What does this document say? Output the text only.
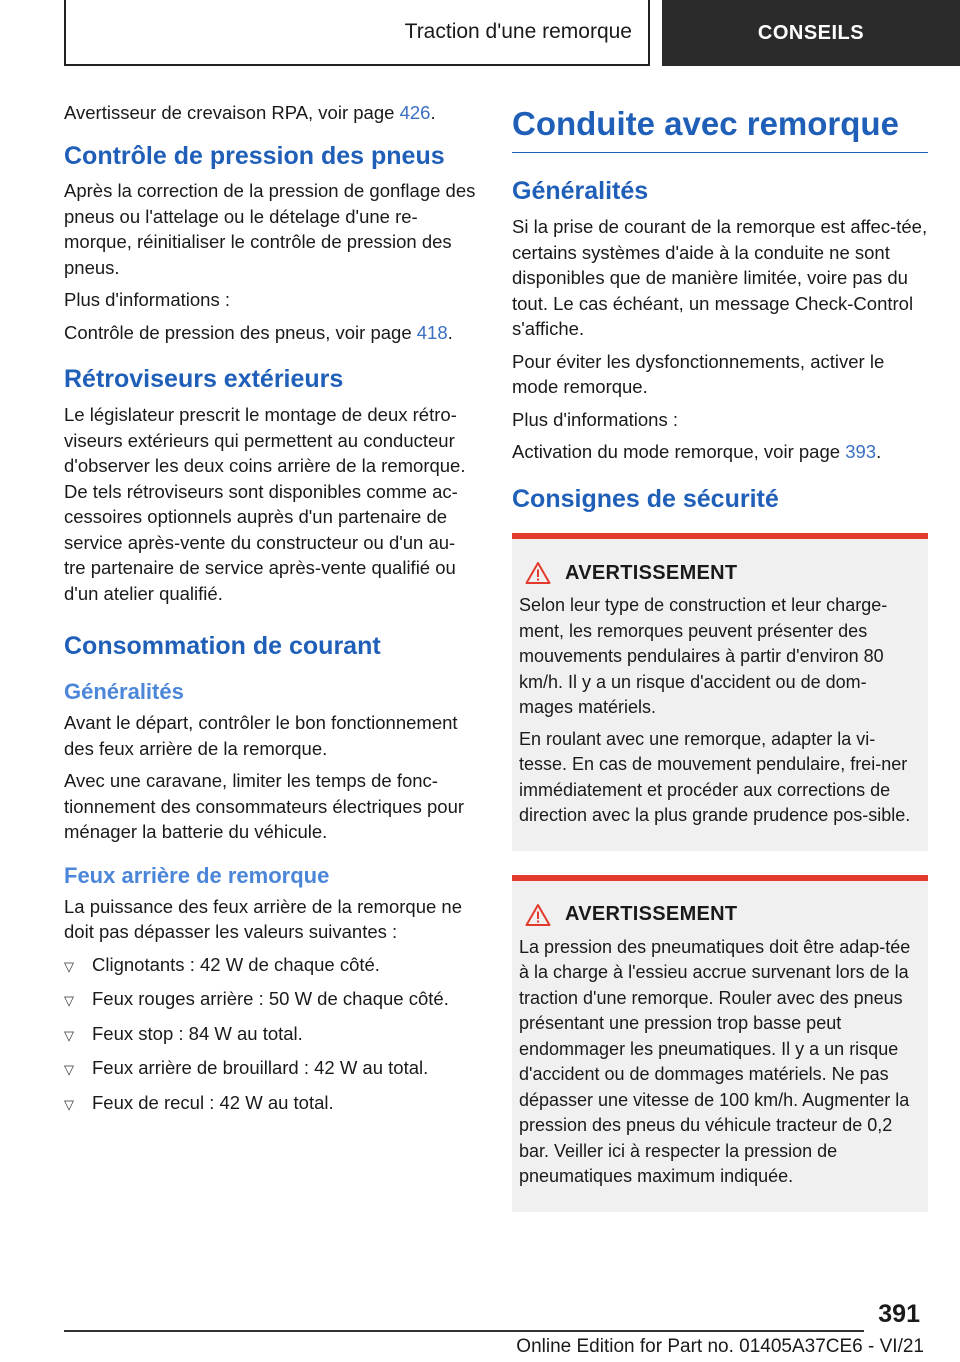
Traction d'une remorque	CONSEILS

Avertisseur de crevaison RPA, voir page 426.

Contrôle de pression des pneus

Après la correction de la pression de gonflage des pneus ou l'attelage ou le dételage d'une re-morque, réinitialiser le contrôle de pression des pneus.

Plus d'informations :

Contrôle de pression des pneus, voir page 418.

Rétroviseurs extérieurs

Le législateur prescrit le montage de deux rétro-viseurs extérieurs qui permettent au conducteur d'observer les deux coins arrière de la remorque. De tels rétroviseurs sont disponibles comme ac-cessoires optionnels auprès d'un partenaire de service après-vente du constructeur ou d'un au-tre partenaire de service après-vente qualifié ou d'un atelier qualifié.

Consommation de courant
Généralités

Avant le départ, contrôler le bon fonctionnement des feux arrière de la remorque.

Avec une caravane, limiter les temps de fonc-tionnement des consommateurs électriques pour ménager la batterie du véhicule.

Feux arrière de remorque

La puissance des feux arrière de la remorque ne doit pas dépasser les valeurs suivantes :

▽ Clignotants : 42 W de chaque côté.
▽ Feux rouges arrière : 50 W de chaque côté.
▽ Feux stop : 84 W au total.
▽ Feux arrière de brouillard : 42 W au total.
▽ Feux de recul : 42 W au total.
Conduite avec remorque
Généralités

Si la prise de courant de la remorque est affec-tée, certains systèmes d'aide à la conduite ne sont disponibles que de manière limitée, voire pas du tout. Le cas échéant, un message Check-Control s'affiche.

Pour éviter les dysfonctionnements, activer le mode remorque.

Plus d'informations :

Activation du mode remorque, voir page 393.

Consignes de sécurité
AVERTISSEMENT

Selon leur type de construction et leur charge-ment, les remorques peuvent présenter des mouvements pendulaires à partir d'environ 80 km/h. Il y a un risque d'accident ou de dom-mages matériels.

En roulant avec une remorque, adapter la vi-tesse. En cas de mouvement pendulaire, frei-ner immédiatement et procéder aux corrections de direction avec la plus grande prudence pos-sible.

AVERTISSEMENT

La pression des pneumatiques doit être adap-tée à la charge à l'essieu accrue survenant lors de la traction d'une remorque. Rouler avec des pneus présentant une pression trop basse peut endommager les pneumatiques. Il y a un risque d'accident ou de dommages matériels. Ne pas dépasser une vitesse de 100 km/h. Augmenter la pression des pneus du véhicule tracteur de 0,2 bar. Veiller ici à respecter la pression de pneumatiques maximum indiquée.

391
Online Edition for Part no. 01405A37CE6 - VI/21
